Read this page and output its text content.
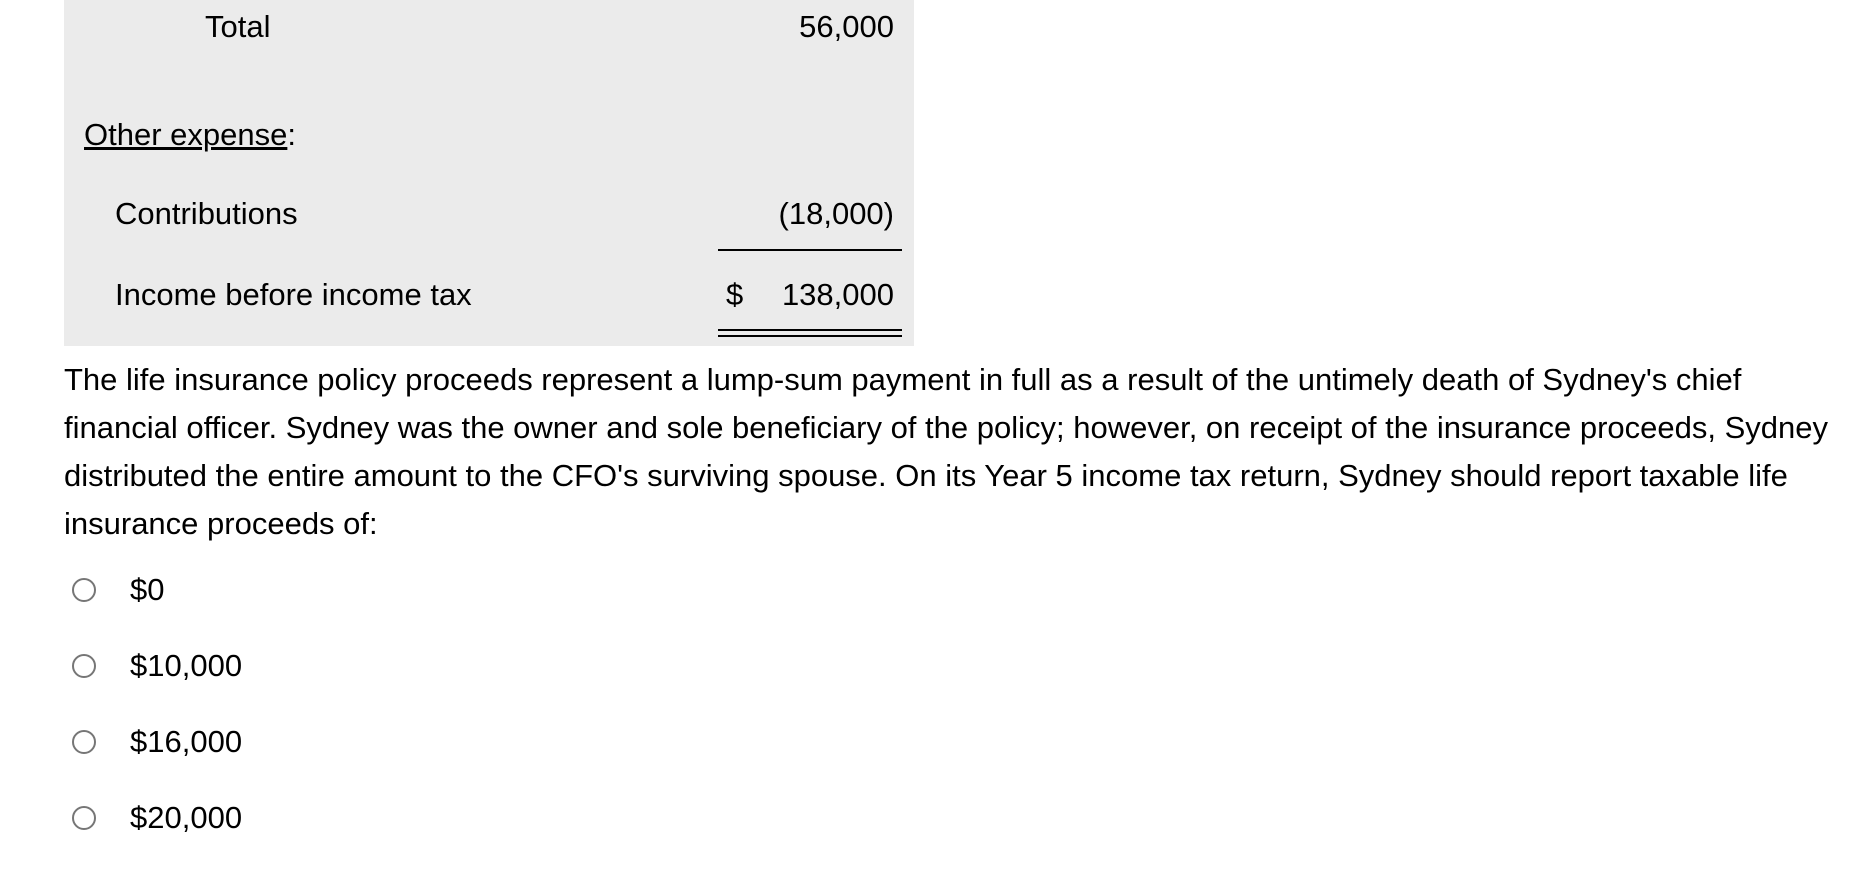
Total	56,000
Other expense:
Contributions	(18,000)
Income before income tax	$ 138,000
The life insurance policy proceeds represent a lump-sum payment in full as a result of the untimely death of Sydney's chief financial officer. Sydney was the owner and sole beneficiary of the policy; however, on receipt of the insurance proceeds, Sydney distributed the entire amount to the CFO's surviving spouse. On its Year 5 income tax return, Sydney should report taxable life insurance proceeds of:
$0
$10,000
$16,000
$20,000
